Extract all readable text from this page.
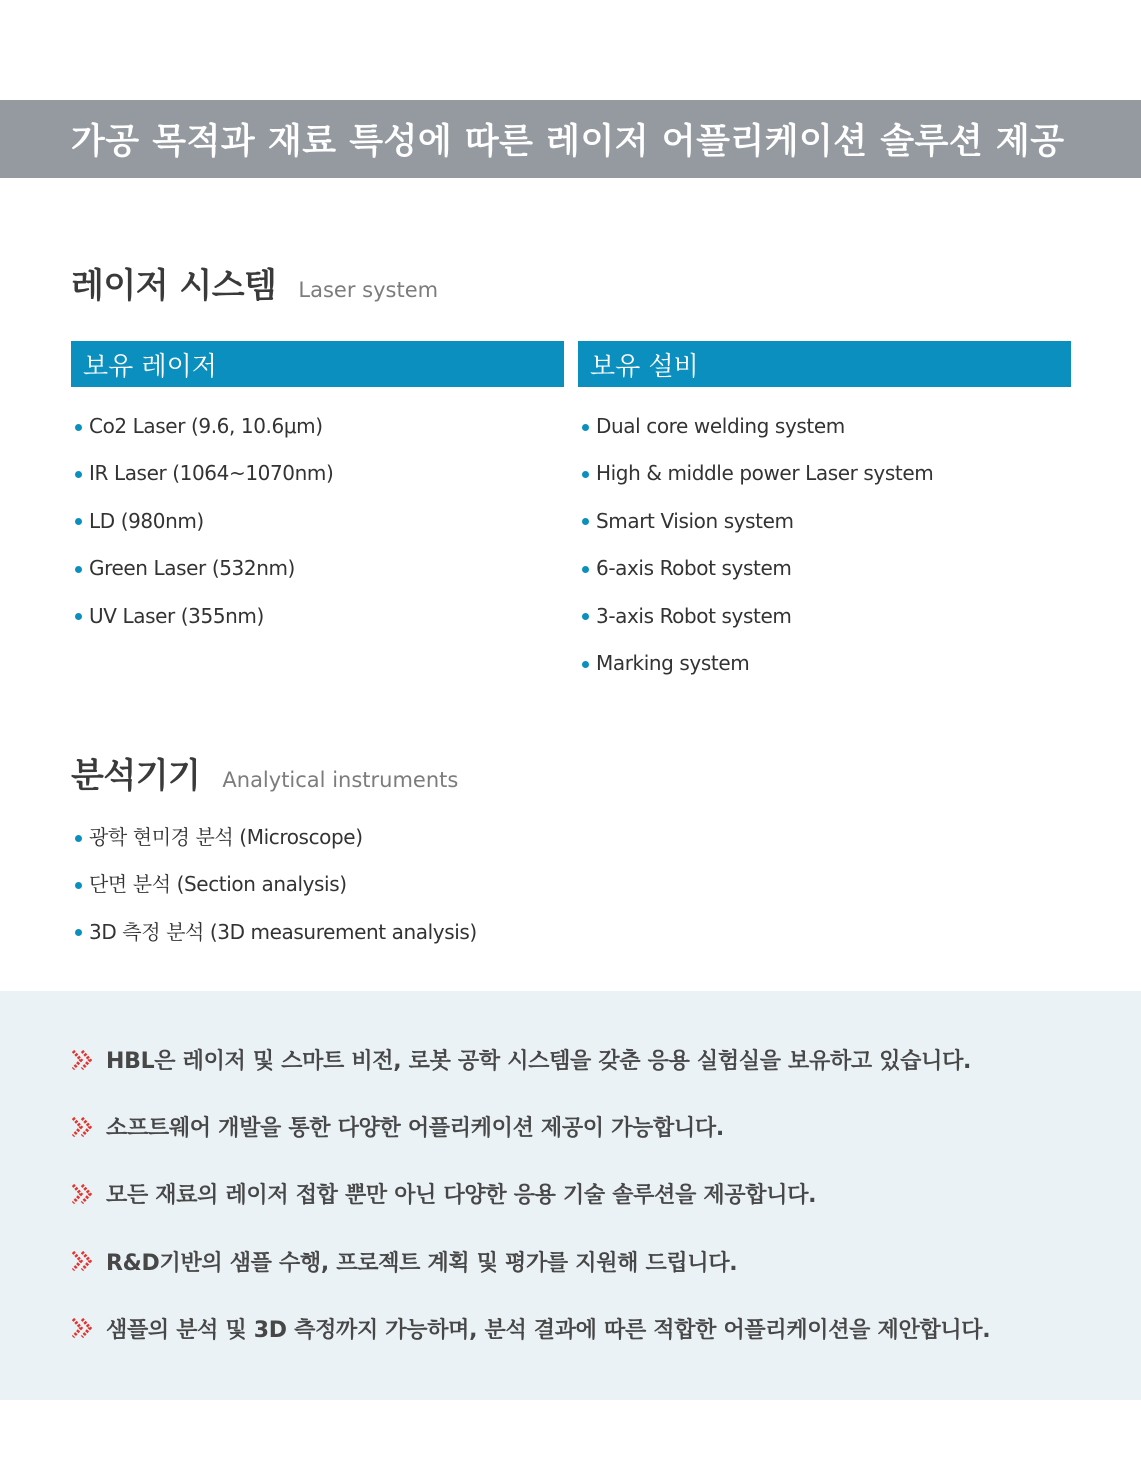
가공 목적과 재료 특성에 따른 레이저 어플리케이션 솔루션 제공
레이저 시스템 Laser system
보유 레이저	보유 설비
Co2 Laser (9.6, 10.6μm)
IR Laser (1064~1070nm)
LD (980nm)
Green Laser (532nm)
UV Laser (355nm)
Dual core welding system
High & middle power Laser system
Smart Vision system
6-axis Robot system
3-axis Robot system
Marking system
분석기기 Analytical instruments
광학 현미경 분석 (Microscope)
단면 분석 (Section analysis)
3D 측정 분석 (3D measurement analysis)
HBL은 레이저 및 스마트 비전, 로봇 공학 시스템을 갖춘 응용 실험실을 보유하고 있습니다.
소프트웨어 개발을 통한 다양한 어플리케이션 제공이 가능합니다.
모든 재료의 레이저 접합 뿐만 아닌 다양한 응용 기술 솔루션을 제공합니다.
R&D기반의 샘플 수행, 프로젝트 계획 및 평가를 지원해 드립니다.
샘플의 분석 및 3D 측정까지 가능하며, 분석 결과에 따른 적합한 어플리케이션을 제안합니다.
